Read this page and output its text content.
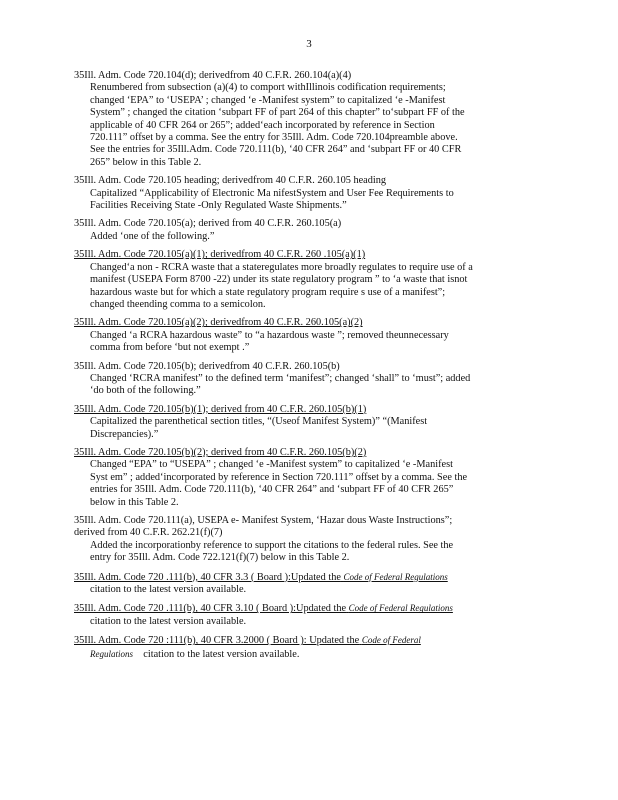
3
35Ill. Adm. Code 720.104(d); derivedfrom 40 C.F.R. 260.104(a)(4)
Renumbered from subsection (a)(4) to comport withIllinois codification requirements;
changed ‘EPA” to ‘USEPA’ ; changed ‘e -Manifest system” to capitalized ‘e -Manifest
System” ; changed the citation ‘subpart FF of part 264 of this chapter” to‘subpart FF of the
applicable of 40 CFR 264 or 265”; added‘each incorporated by reference in Section
720.111” offset by a comma. See the entry for 35Ill. Adm. Code 720.104preamble above.
See the entries for 35Ill.Adm. Code 720.111(b), ‘40 CFR 264” and ‘subpart FF or 40 CFR
265” below in this Table 2.
35Ill. Adm. Code 720.105 heading; derivedfrom 40 C.F.R. 260.105 heading
Capitalized “Applicability of Electronic Ma nifestSystem and User Fee Requirements to
Facilities Receiving State -Only Regulated Waste Shipments.”
35Ill. Adm. Code 720.105(a); derived from 40 C.F.R. 260.105(a)
Added ‘one of the following.”
35Ill. Adm. Code 720.105(a)(1); derivedfrom 40 C.F.R. 260 .105(a)(1)
Changed‘a non - RCRA waste that a stateregulates more broadly regulates to require use of a
manifest (USEPA Form 8700 -22) under its state regulatory program ” to ‘a waste that isnot
hazardous waste but for which a state regulatory program require s use of a manifest”;
changed theending comma to a semicolon.
35Ill. Adm. Code 720.105(a)(2); derivedfrom 40 C.F.R. 260.105(a)(2)
Changed ‘a RCRA hazardous waste” to “a hazardous waste ”; removed theunnecessary
comma from before ‘but not exempt .”
35Ill. Adm. Code 720.105(b); derivedfrom 40 C.F.R. 260.105(b)
Changed ‘RCRA manifest” to the defined term ‘manifest”; changed ‘shall” to ‘must”; added
‘do both of the following.”
35Ill. Adm. Code 720.105(b)(1); derived from 40 C.F.R. 260.105(b)(1)
Capitalized the parenthetical section titles, “(Useof Manifest System)” “(Manifest
Discrepancies).”
35Ill. Adm. Code 720.105(b)(2); derived from 40 C.F.R. 260.105(b)(2)
Changed “EPA” to “USEPA” ; changed ‘e -Manifest system” to capitalized ‘e -Manifest
Syst em” ; added‘incorporated by reference in Section 720.111” offset by a comma. See the
entries for 35Ill. Adm. Code 720.111(b), ‘40 CFR 264” and ‘subpart FF of 40 CFR 265”
below in this Table 2.
35Ill. Adm. Code 720.111(a), USEPA e- Manifest System, ‘Hazar dous Waste Instructions”;
derived from 40 C.F.R. 262.21(f)(7)
Added the incorporationby reference to support the citations to the federal rules. See the
entry for 35Ill. Adm. Code 722.121(f)(7) below in this Table 2.
35Ill. Adm. Code 720 .111(b), 40 CFR 3.3 ( Board ):Updated the Code of Federal Regulations
citation to the latest version available.
35Ill. Adm. Code 720 .111(b), 40 CFR 3.10 ( Board ):Updated the Code of Federal Regulations
citation to the latest version available.
35Ill. Adm. Code 720 :111(b), 40 CFR 3.2000 ( Board ): Updated the Code of Federal
Regulations citation to the latest version available.
